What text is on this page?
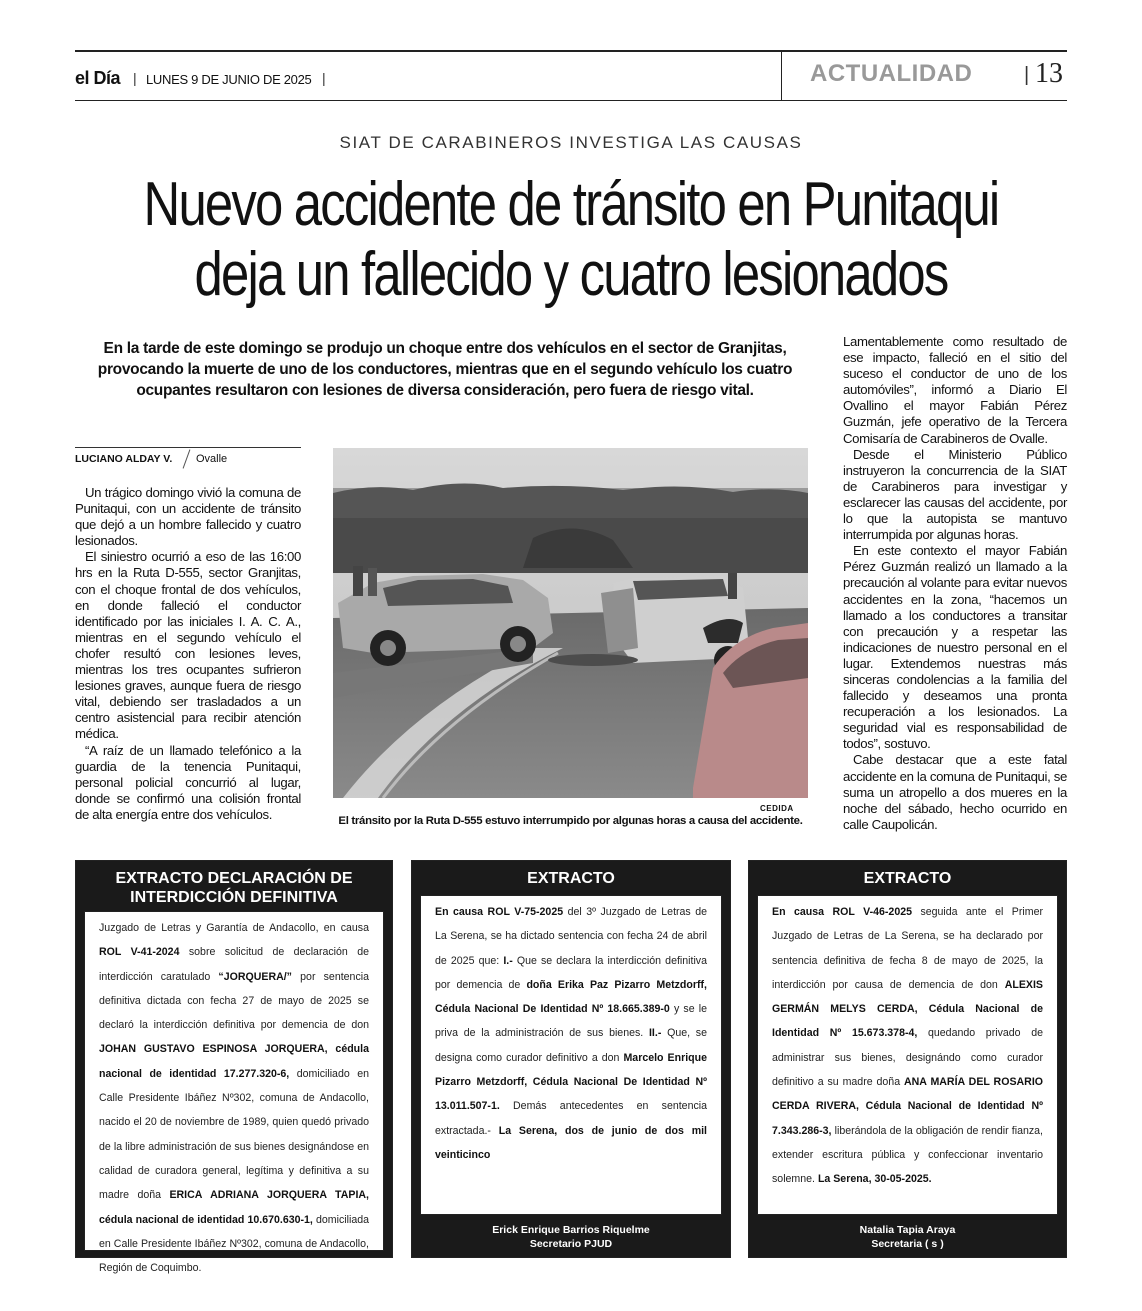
el Día | LUNES 9 DE JUNIO DE 2025 |	ACTUALIDAD	| 13
SIAT DE CARABINEROS INVESTIGA LAS CAUSAS
Nuevo accidente de tránsito en Punitaqui
deja un fallecido y cuatro lesionados
En la tarde de este domingo se produjo un choque entre dos vehículos en el sector de Granjitas, provocando la muerte de uno de los conductores, mientras que en el segundo vehículo los cuatro ocupantes resultaron con lesiones de diversa consideración, pero fuera de riesgo vital.
LUCIANO ALDAY V. Ovalle

Un trágico domingo vivió la comuna de Punitaqui, con un accidente de tránsito que dejó a un hombre fallecido y cuatro lesionados.

El siniestro ocurrió a eso de las 16:00 hrs en la Ruta D-555, sector Granjitas, con el choque frontal de dos vehículos, en donde falleció el conductor identificado por las iniciales I. A. C. A., mientras en el segundo vehículo el chofer resultó con lesiones leves, mientras los tres ocupantes sufrieron lesiones graves, aunque fuera de riesgo vital, debiendo ser trasladados a un centro asistencial para recibir atención médica.

“A raíz de un llamado telefónico a la guardia de la tenencia Punitaqui, personal policial concurrió al lugar, donde se confirmó una colisión frontal de alta energía entre dos vehículos.	CEDIDA
El tránsito por la Ruta D-555 estuvo interrumpido por algunas horas a causa del accidente.

Lamentablemente como resultado de ese impacto, falleció en el sitio del suceso el conductor de uno de los automóviles”, informó a Diario El Ovallino el mayor Fabián Pérez Guzmán, jefe operativo de la Tercera Comisaría de Carabineros de Ovalle.

Desde el Ministerio Público instruyeron la concurrencia de la SIAT de Carabineros para investigar y esclarecer las causas del accidente, por lo que la autopista se mantuvo interrumpida por algunas horas.

En este contexto el mayor Fabián Pérez Guzmán realizó un llamado a la precaución al volante para evitar nuevos accidentes en la zona, “hacemos un llamado a los conductores a transitar con precaución y a respetar las indicaciones de nuestro personal en el lugar. Extendemos nuestras más sinceras condolencias a la familia del fallecido y deseamos una pronta recuperación a los lesionados. La seguridad vial es responsabilidad de todos”, sostuvo.

Cabe destacar que a este fatal accidente en la comuna de Punitaqui, se suma un atropello a dos mueres en la noche del sábado, hecho ocurrido en calle Caupolicán.

EXTRACTO DECLARACIÓN DE
INTERDICCIÓN DEFINITIVA
Juzgado de Letras y Garantía de Andacollo, en causa ROL V-41-2024 sobre solicitud de declaración de interdicción caratulado “JORQUERA/” por sentencia definitiva dictada con fecha 27 de mayo de 2025 se declaró la interdicción definitiva por demencia de don JOHAN GUSTAVO ESPINOSA JORQUERA, cédula nacional de identidad 17.277.320-6, domiciliado en Calle Presidente Ibáñez Nº302, comuna de Andacollo, nacido el 20 de noviembre de 1989, quien quedó privado de la libre administración de sus bienes designándose en calidad de curadora general, legítima y definitiva a su madre doña ERICA ADRIANA JORQUERA TAPIA, cédula nacional de identidad 10.670.630-1, domiciliada en Calle Presidente Ibáñez Nº302, comuna de Andacollo, Región de Coquimbo.
EXTRACTO
En causa ROL V-75-2025 del 3º Juzgado de Letras de La Serena, se ha dictado sentencia con fecha 24 de abril de 2025 que: I.- Que se declara la interdicción definitiva por demencia de doña Erika Paz Pizarro Metzdorff, Cédula Nacional De Identidad Nº 18.665.389-0 y se le priva de la administración de sus bienes. II.- Que, se designa como curador definitivo a don Marcelo Enrique Pizarro Metzdorff, Cédula Nacional De Identidad Nº 13.011.507-1. Demás antecedentes en sentencia extractada.- La Serena, dos de junio de dos mil veinticinco
Erick Enrique Barrios Riquelme
Secretario PJUD
EXTRACTO
En causa ROL V-46-2025 seguida ante el Primer Juzgado de Letras de La Serena, se ha declarado por sentencia definitiva de fecha 8 de mayo de 2025, la interdicción por causa de demencia de don ALEXIS GERMÁN MELYS CERDA, Cédula Nacional de Identidad Nº 15.673.378-4, quedando privado de administrar sus bienes, designándo como curador definitivo a su madre doña ANA MARÍA DEL ROSARIO CERDA RIVERA, Cédula Nacional de Identidad Nº 7.343.286-3, liberándola de la obligación de rendir fianza, extender escritura pública y confeccionar inventario solemne. La Serena, 30-05-2025.
Natalia Tapia Araya
Secretaria ( s )
